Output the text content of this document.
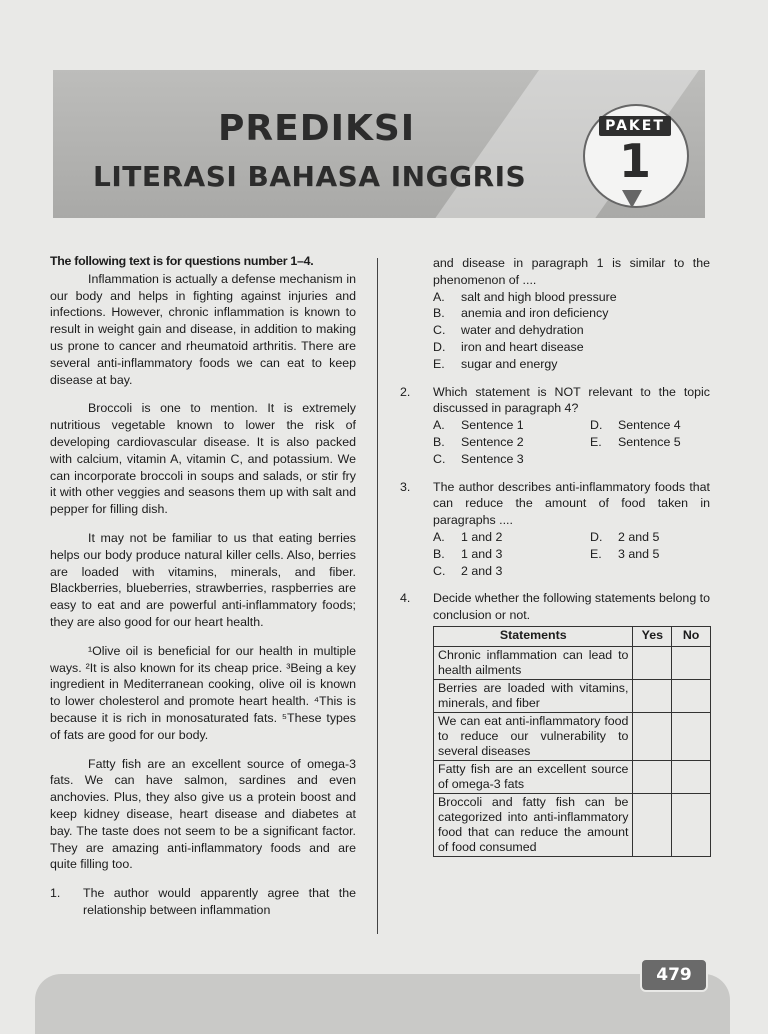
PREDIKSI
LITERASI BAHASA INGGRIS
PAKET
1

The following text is for questions number 1–4.

Inflammation is actually a defense mechanism in our body and helps in fighting against injuries and infections. However, chronic inflammation is known to result in weight gain and disease, in addition to making us prone to cancer and rheumatoid arthritis. There are several anti-inflammatory foods we can eat to keep disease at bay.

Broccoli is one to mention. It is extremely nutritious vegetable known to lower the risk of developing cardiovascular disease. It is also packed with calcium, vitamin A, vitamin C, and potassium. We can incorporate broccoli in soups and salads, or stir fry it with other veggies and seasons them up with salt and pepper for filling dish.

It may not be familiar to us that eating berries helps our body produce natural killer cells. Also, berries are loaded with vitamins, minerals, and fiber. Blackberries, blueberries, strawberries, raspberries are easy to eat and are powerful anti-inflammatory foods; they are also good for our heart health.

¹Olive oil is beneficial for our health in multiple ways. ²It is also known for its cheap price. ³Being a key ingredient in Mediterranean cooking, olive oil is known to lower cholesterol and promote heart health. ⁴This is because it is rich in monosaturated fats. ⁵These types of fats are good for our body.

Fatty fish are an excellent source of omega-3 fats. We can have salmon, sardines and even anchovies. Plus, they also give us a protein boost and keep kidney disease, heart disease and diabetes at bay. The taste does not seem to be a significant factor. They are amazing anti-inflammatory foods and are quite filling too.

1.	The author would apparently agree that the relationship between inflammation
and disease in paragraph 1 is similar to the phenomenon of ....
A.	salt and high blood pressure
B.	anemia and iron deficiency
C.	water and dehydration
D.	iron and heart disease
E.	sugar and energy
2.	Which statement is NOT relevant to the topic discussed in paragraph 4?
A.	Sentence 1	D.	Sentence 4
B.	Sentence 2	E.	Sentence 5
C.	Sentence 3
3.	The author describes anti-inflammatory foods that can reduce the amount of food taken in paragraphs ....
A.	1 and 2	D.	2 and 5
B.	1 and 3	E.	3 and 5
C.	2 and 3
4.	Decide whether the following statements belong to conclusion or not.
Statements	Yes	No
Chronic inflammation can lead to health ailments		
Berries are loaded with vitamins, minerals, and fiber		
We can eat anti-inflammatory food to reduce our vulnerability to several diseases		
Fatty fish are an excellent source of omega-3 fats		
Broccoli and fatty fish can be categorized into anti-inflammatory food that can reduce the amount of food consumed		
479
